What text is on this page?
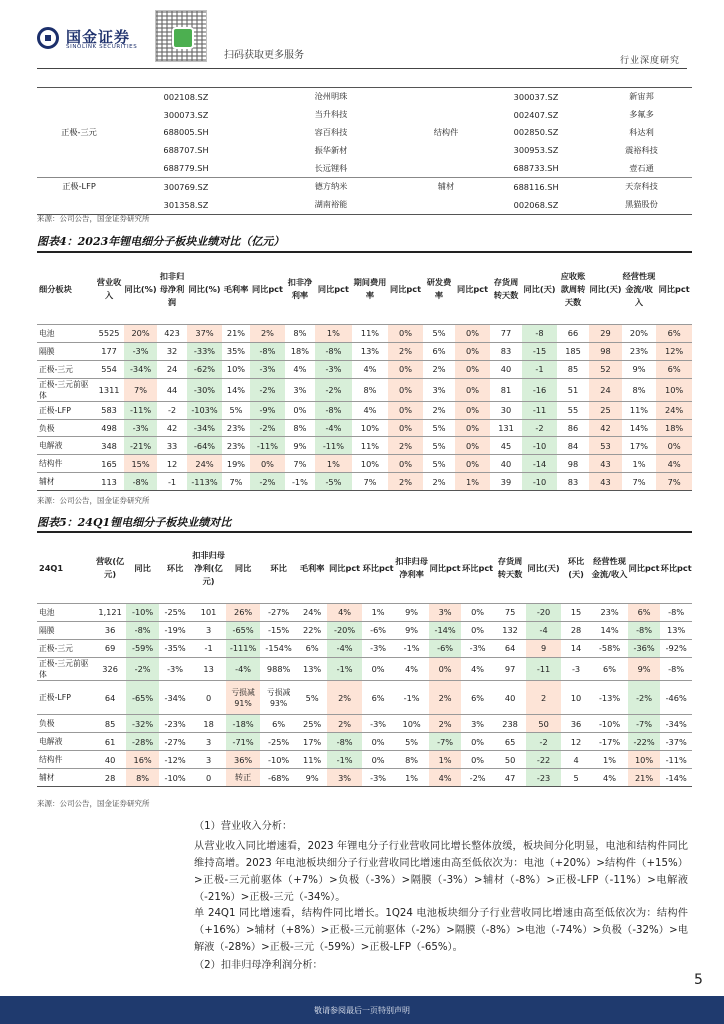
国金证券
SINOLINK SECURITIES
扫码获取更多服务	行业深度研究
	002108.SZ	沧州明珠		300037.SZ	新宙邦
	300073.SZ	当升科技		002407.SZ	多氟多
正极-三元	688005.SH	容百科技	结构件	002850.SZ	科达利
	688707.SH	振华新材		300953.SZ	震裕科技
	688779.SH	长远锂科		688733.SH	壹石通
正极-LFP	300769.SZ	德方纳米	辅材	688116.SH	天奈科技
	301358.SZ	湖南裕能		002068.SZ	黑猫股份
来源：公司公告，国金证券研究所
图表4：2023年锂电细分子板块业绩对比（亿元）
细分板块	营业收入	同比(%)	扣非归母净利润	同比(%)	毛利率	同比pct	扣非净利率	同比pct	期间费用率	同比pct	研发费率	同比pct	存货周转天数	同比(天)	应收账款周转天数	同比(天)	经营性现金流/收入	同比pct
电池	5525	20%	423	37%	21%	2%	8%	1%	11%	0%	5%	0%	77	-8	66	29	20%	6%
隔膜	177	-3%	32	-33%	35%	-8%	18%	-8%	13%	2%	6%	0%	83	-15	185	98	23%	12%
正极-三元	554	-34%	24	-62%	10%	-3%	4%	-3%	4%	0%	2%	0%	40	-1	85	52	9%	6%
正极-三元前驱体	1311	7%	44	-30%	14%	-2%	3%	-2%	8%	0%	3%	0%	81	-16	51	24	8%	10%
正极-LFP	583	-11%	-2	-103%	5%	-9%	0%	-8%	4%	0%	2%	0%	30	-11	55	25	11%	24%
负极	498	-3%	42	-34%	23%	-2%	8%	-4%	10%	0%	5%	0%	131	-2	86	42	14%	18%
电解液	348	-21%	33	-64%	23%	-11%	9%	-11%	11%	2%	5%	0%	45	-10	84	53	17%	0%
结构件	165	15%	12	24%	19%	0%	7%	1%	10%	0%	5%	0%	40	-14	98	43	1%	4%
辅材	113	-8%	-1	-113%	7%	-2%	-1%	-5%	7%	2%	2%	1%	39	-10	83	43	7%	7%
来源：公司公告，国金证券研究所
图表5：24Q1锂电细分子板块业绩对比
24Q1	营收(亿元)	同比	环比	扣非归母净利(亿元)	同比	环比	毛利率	同比pct	环比pct	扣非归母净利率	同比pct	环比pct	存货周转天数	同比(天)	环比(天)	经营性现金流/收入	同比pct	环比pct
电池	1,121	-10%	-25%	101	26%	-27%	24%	4%	1%	9%	3%	0%	75	-20	15	23%	6%	-8%
隔膜	36	-8%	-19%	3	-65%	-15%	22%	-20%	-6%	9%	-14%	0%	132	-4	28	14%	-8%	13%
正极-三元	69	-59%	-35%	-1	-111%	-154%	6%	-4%	-3%	-1%	-6%	-3%	64	9	14	-58%	-36%	-92%
正极-三元前驱体	326	-2%	-3%	13	-4%	988%	13%	-1%	0%	4%	0%	4%	97	-11	-3	6%	9%	-8%
正极-LFP	64	-65%	-34%	0	亏损减91%	亏损减93%	5%	2%	6%	-1%	2%	6%	40	2	10	-13%	-2%	-46%
负极	85	-32%	-23%	18	-18%	6%	25%	2%	-3%	10%	2%	3%	238	50	36	-10%	-7%	-34%
电解液	61	-28%	-27%	3	-71%	-25%	17%	-8%	0%	5%	-7%	0%	65	-2	12	-17%	-22%	-37%
结构件	40	16%	-12%	3	36%	-10%	11%	-1%	0%	8%	1%	0%	50	-22	4	1%	10%	-11%
辅材	28	8%	-10%	0	转正	-68%	9%	3%	-3%	1%	4%	-2%	47	-23	5	4%	21%	-14%
来源：公司公告，国金证券研究所
（1）营业收入分析：
从营业收入同比增速看，2023 年锂电分子行业营收同比增长整体放缓，板块间分化明显，电池和结构件同比维持高增。2023 年电池板块细分子行业营收同比增速由高至低依次为：电池（+20%）>结构件（+15%）>正极-三元前驱体（+7%）>负极（-3%）>隔膜（-3%）>辅材（-8%）>正极-LFP（-11%）>电解液（-21%）>正极-三元（-34%）。
单 24Q1 同比增速看，结构件同比增长。1Q24 电池板块细分子行业营收同比增速由高至低依次为：结构件（+16%）>辅材（+8%）>正极-三元前驱体（-2%）>隔膜（-8%）>电池（-74%）>负极（-32%）>电解液（-28%）>正极-三元（-59%）>正极-LFP（-65%）。
（2）扣非归母净利润分析：
5
敬请参阅最后一页特别声明
